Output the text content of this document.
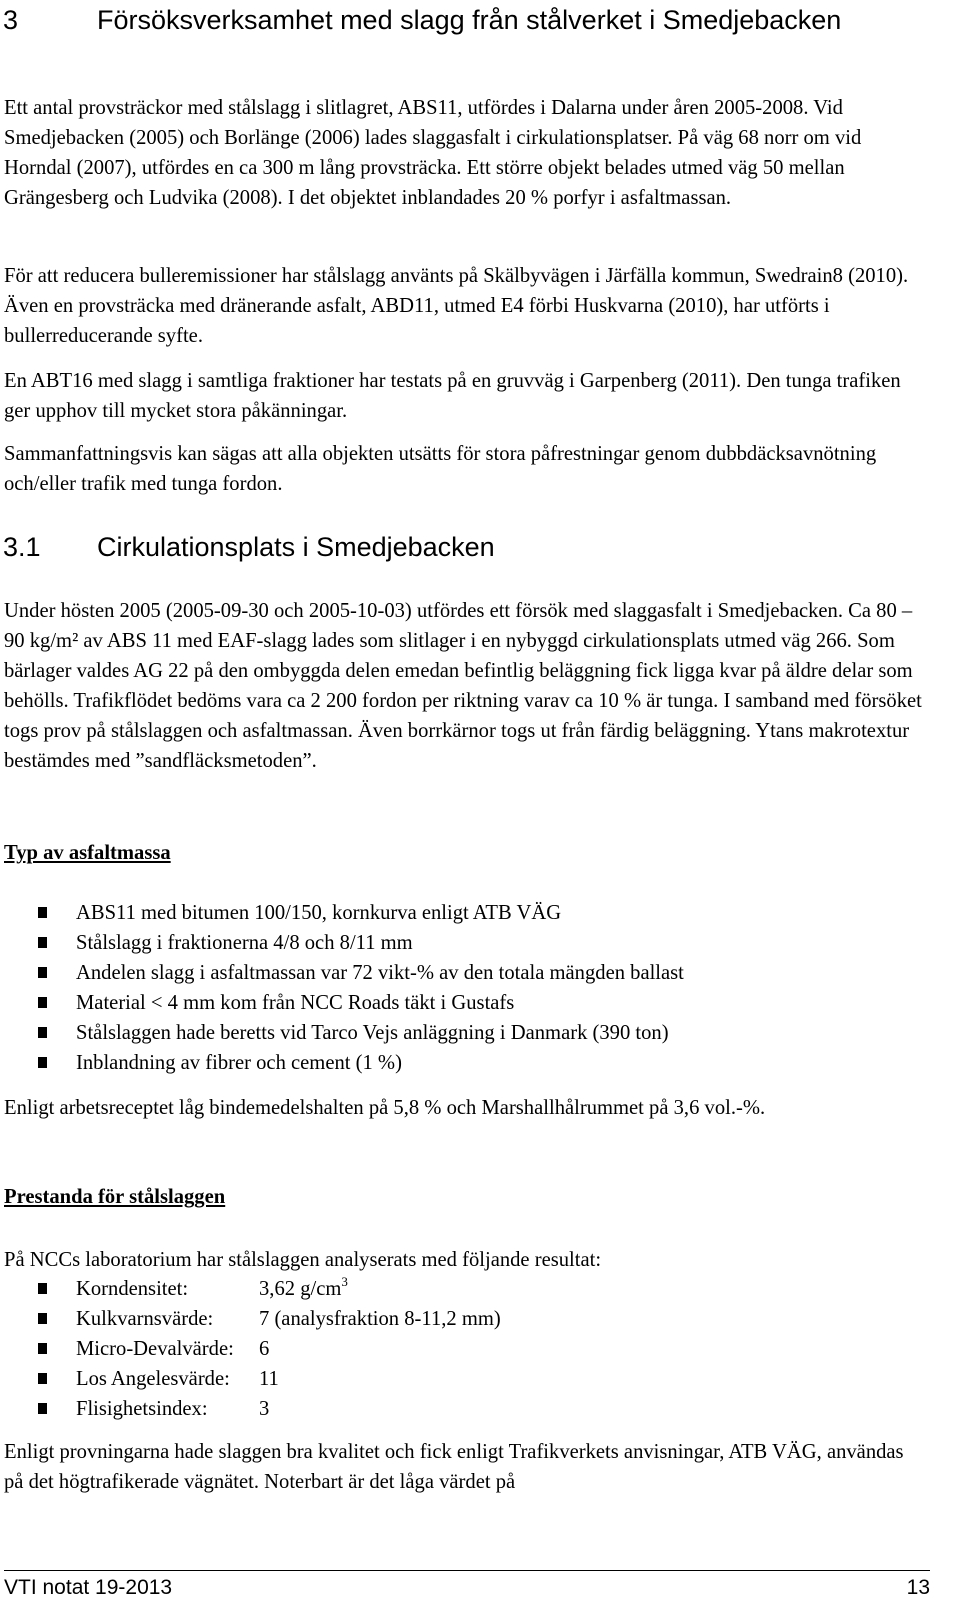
3	Försöksverksamhet med slagg från stålverket i Smedjebacken

Ett antal provsträckor med stålslagg i slitlagret, ABS11, utfördes i Dalarna under åren 2005-2008. Vid Smedjebacken (2005) och Borlänge (2006) lades slaggasfalt i cirkulationsplatser. På väg 68 norr om vid Horndal (2007), utfördes en ca 300 m lång provsträcka. Ett större objekt belades utmed väg 50 mellan Grängesberg och Ludvika (2008). I det objektet inblandades 20 % porfyr i asfaltmassan.

För att reducera bulleremissioner har stålslagg använts på Skälbyvägen i Järfälla kommun, Swedrain8 (2010). Även en provsträcka med dränerande asfalt, ABD11, utmed E4 förbi Huskvarna (2010), har utförts i bullerreducerande syfte.

En ABT16 med slagg i samtliga fraktioner har testats på en gruvväg i Garpenberg (2011). Den tunga trafiken ger upphov till mycket stora påkänningar.

Sammanfattningsvis kan sägas att alla objekten utsätts för stora påfrestningar genom dubbdäcksavnötning och/eller trafik med tunga fordon.

3.1 Cirkulationsplats i Smedjebacken

Under hösten 2005 (2005-09-30 och 2005-10-03) utfördes ett försök med slaggasfalt i Smedjebacken. Ca 80 – 90 kg/m² av ABS 11 med EAF-slagg lades som slitlager i en nybyggd cirkulationsplats utmed väg 266. Som bärlager valdes AG 22 på den ombyggda delen emedan befintlig beläggning fick ligga kvar på äldre delar som behölls. Trafikflödet bedöms vara ca 2 200 fordon per riktning varav ca 10 % är tunga. I samband med försöket togs prov på stålslaggen och asfaltmassan. Även borrkärnor togs ut från färdig beläggning. Ytans makrotextur bestämdes med ”sandfläcksmetoden”.

Typ av asfaltmassa

ABS11 med bitumen 100/150, kornkurva enligt ATB VÄG
Stålslagg i fraktionerna 4/8 och 8/11 mm
Andelen slagg i asfaltmassan var 72 vikt-% av den totala mängden ballast
Material < 4 mm kom från NCC Roads täkt i Gustafs
Stålslaggen hade beretts vid Tarco Vejs anläggning i Danmark (390 ton)
Inblandning av fibrer och cement (1 %)

Enligt arbetsreceptet låg bindemedelshalten på 5,8 % och Marshallhålrummet på 3,6 vol.-%.

Prestanda för stålslaggen

På NCCs laboratorium har stålslaggen analyserats med följande resultat:

Korndensitet:	3,62 $g/cm^3$
Kulkvarnsvärde: 7 (analysfraktion 8-11,2 mm)
Micro-Devalvärde: 6
Los Angelesvärde: 11
Flisighetsindex: 3

Enligt provningarna hade slaggen bra kvalitet och fick enligt Trafikverkets anvisningar, ATB VÄG, användas på det högtrafikerade vägnätet. Noterbart är det låga värdet på

VTI notat 19-2013	13
